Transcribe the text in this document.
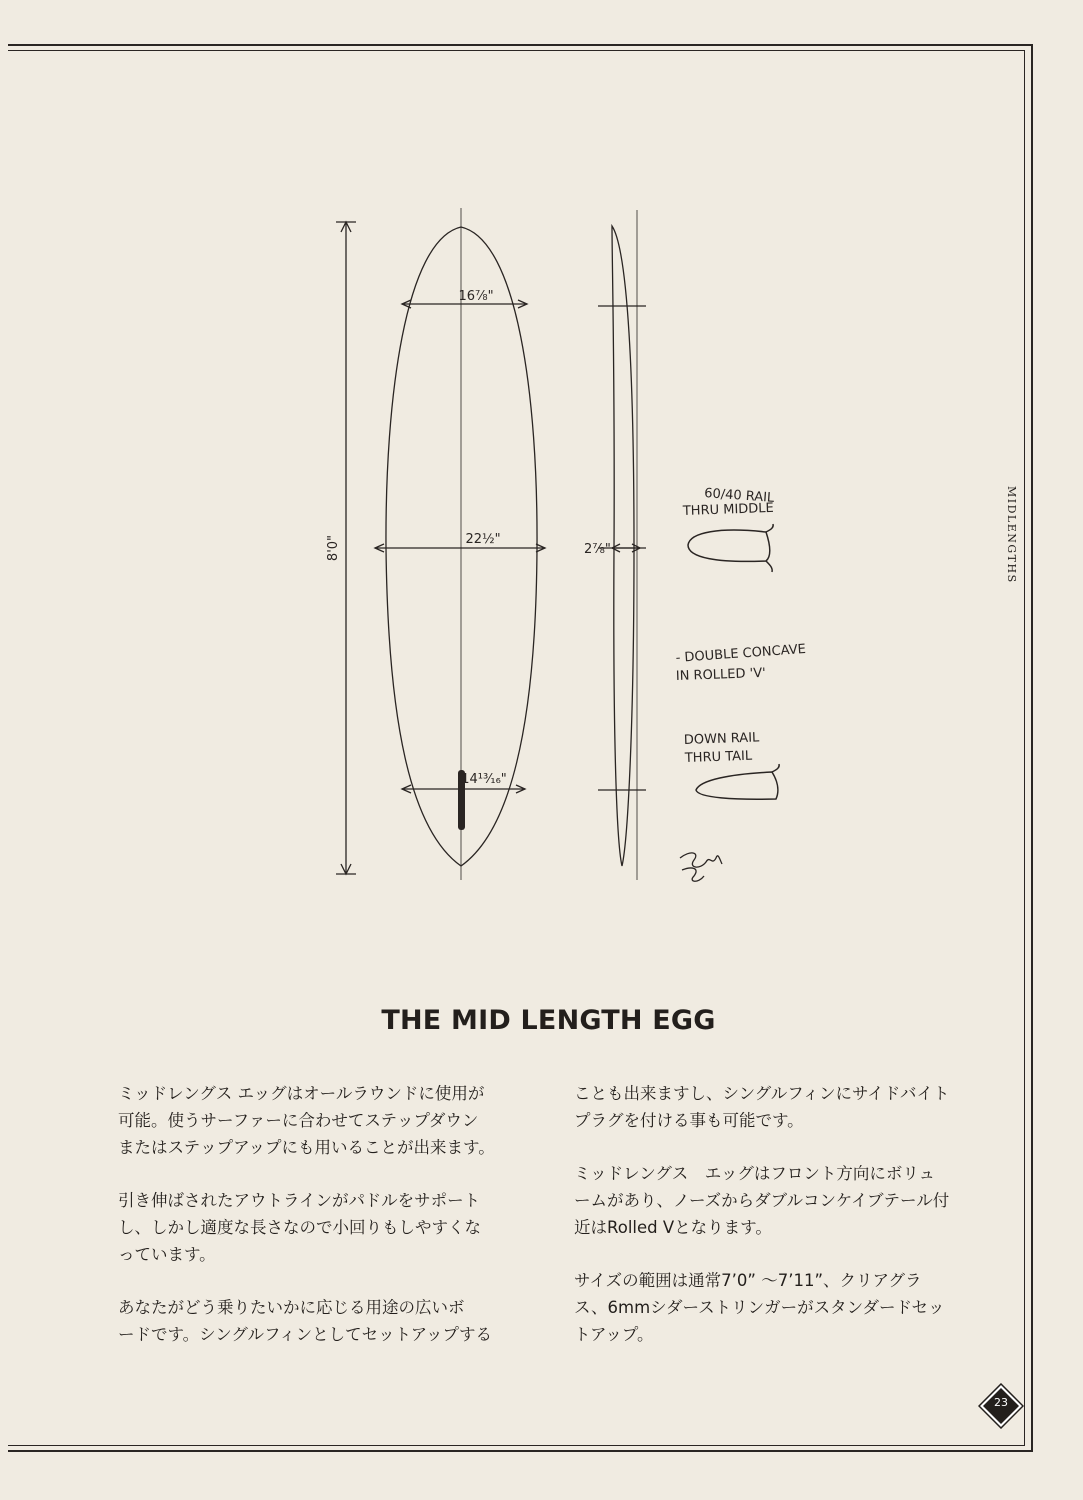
MIDLENGTHS
8'0"
16⅞"
22½"
14¹³⁄₁₆"
2⅞"
60/40 RAIL
THRU MIDDLE
- DOUBLE CONCAVE
IN ROLLED 'V'
DOWN RAIL
THRU TAIL
THE MID LENGTH EGG

ミッドレングス エッグはオールラウンドに使用が
可能。使うサーファーに合わせてステップダウン
またはステップアップにも用いることが出来ます。

引き伸ばされたアウトラインがパドルをサポート
し、しかし適度な長さなので小回りもしやすくな
っています。

あなたがどう乗りたいかに応じる用途の広いボ
ードです。シングルフィンとしてセットアップする

ことも出来ますし、シングルフィンにサイドバイト
プラグを付ける事も可能です。

ミッドレングス　エッグはフロント方向にボリュ
ームがあり、ノーズからダブルコンケイブテール付
近はRolled Vとなります。

サイズの範囲は通常7’0” 〜7’11”、クリアグラ
ス、6mmシダーストリンガーがスタンダードセッ
トアップ。

23
